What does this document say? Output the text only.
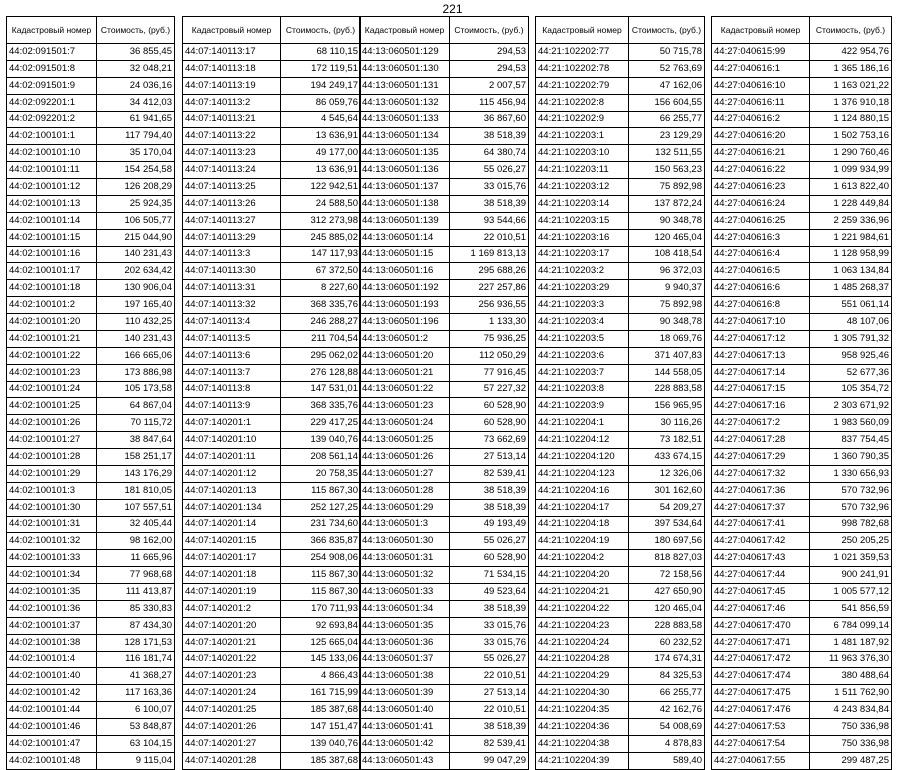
221
Кадастровый номер	Стоимость, (руб.)
44:02:091501:7	36 855,45
44:02:091501:8	32 048,21
44:02:091501:9	24 036,16
44:02:092201:1	34 412,03
44:02:092201:2	61 941,65
44:02:100101:1	117 794,40
44:02:100101:10	35 170,04
44:02:100101:11	154 254,58
44:02:100101:12	126 208,29
44:02:100101:13	25 924,35
44:02:100101:14	106 505,77
44:02:100101:15	215 044,90
44:02:100101:16	140 231,43
44:02:100101:17	202 634,42
44:02:100101:18	130 906,04
44:02:100101:2	197 165,40
44:02:100101:20	110 432,25
44:02:100101:21	140 231,43
44:02:100101:22	166 665,06
44:02:100101:23	173 886,98
44:02:100101:24	105 173,58
44:02:100101:25	64 867,04
44:02:100101:26	70 115,72
44:02:100101:27	38 847,64
44:02:100101:28	158 251,17
44:02:100101:29	143 176,29
44:02:100101:3	181 810,05
44:02:100101:30	107 557,51
44:02:100101:31	32 405,44
44:02:100101:32	98 162,00
44:02:100101:33	11 665,96
44:02:100101:34	77 968,68
44:02:100101:35	111 413,87
44:02:100101:36	85 330,83
44:02:100101:37	87 434,30
44:02:100101:38	128 171,53
44:02:100101:4	116 181,74
44:02:100101:40	41 368,27
44:02:100101:42	117 163,36
44:02:100101:44	6 100,07
44:02:100101:46	53 848,87
44:02:100101:47	63 104,15
44:02:100101:48	9 115,04
Кадастровый номер	Стоимость, (руб.)
44:07:140113:17	68 110,15
44:07:140113:18	172 119,51
44:07:140113:19	194 249,17
44:07:140113:2	86 059,76
44:07:140113:21	4 545,64
44:07:140113:22	13 636,91
44:07:140113:23	49 177,00
44:07:140113:24	13 636,91
44:07:140113:25	122 942,51
44:07:140113:26	24 588,50
44:07:140113:27	312 273,98
44:07:140113:29	245 885,02
44:07:140113:3	147 117,93
44:07:140113:30	67 372,50
44:07:140113:31	8 227,60
44:07:140113:32	368 335,76
44:07:140113:4	246 288,27
44:07:140113:5	211 704,54
44:07:140113:6	295 062,02
44:07:140113:7	276 128,88
44:07:140113:8	147 531,01
44:07:140113:9	368 335,76
44:07:140201:1	229 417,25
44:07:140201:10	139 040,76
44:07:140201:11	208 561,14
44:07:140201:12	20 758,35
44:07:140201:13	115 867,30
44:07:140201:134	252 127,25
44:07:140201:14	231 734,60
44:07:140201:15	366 835,87
44:07:140201:17	254 908,06
44:07:140201:18	115 867,30
44:07:140201:19	115 867,30
44:07:140201:2	170 711,93
44:07:140201:20	92 693,84
44:07:140201:21	125 665,04
44:07:140201:22	145 133,06
44:07:140201:23	4 866,43
44:07:140201:24	161 715,99
44:07:140201:25	185 387,68
44:07:140201:26	147 151,47
44:07:140201:27	139 040,76
44:07:140201:28	185 387,68
Кадастровый номер	Стоимость, (руб.)
44:13:060501:129	294,53
44:13:060501:130	294,53
44:13:060501:131	2 007,57
44:13:060501:132	115 456,94
44:13:060501:133	36 867,60
44:13:060501:134	38 518,39
44:13:060501:135	64 380,74
44:13:060501:136	55 026,27
44:13:060501:137	33 015,76
44:13:060501:138	38 518,39
44:13:060501:139	93 544,66
44:13:060501:14	22 010,51
44:13:060501:15	1 169 813,13
44:13:060501:16	295 688,26
44:13:060501:192	227 257,86
44:13:060501:193	256 936,55
44:13:060501:196	1 133,30
44:13:060501:2	75 936,25
44:13:060501:20	112 050,29
44:13:060501:21	77 916,45
44:13:060501:22	57 227,32
44:13:060501:23	60 528,90
44:13:060501:24	60 528,90
44:13:060501:25	73 662,69
44:13:060501:26	27 513,14
44:13:060501:27	82 539,41
44:13:060501:28	38 518,39
44:13:060501:29	38 518,39
44:13:060501:3	49 193,49
44:13:060501:30	55 026,27
44:13:060501:31	60 528,90
44:13:060501:32	71 534,15
44:13:060501:33	49 523,64
44:13:060501:34	38 518,39
44:13:060501:35	33 015,76
44:13:060501:36	33 015,76
44:13:060501:37	55 026,27
44:13:060501:38	22 010,51
44:13:060501:39	27 513,14
44:13:060501:40	22 010,51
44:13:060501:41	38 518,39
44:13:060501:42	82 539,41
44:13:060501:43	99 047,29
Кадастровый номер	Стоимость, (руб.)
44:21:102202:77	50 715,78
44:21:102202:78	52 763,69
44:21:102202:79	47 162,06
44:21:102202:8	156 604,55
44:21:102202:9	66 255,77
44:21:102203:1	23 129,29
44:21:102203:10	132 511,55
44:21:102203:11	150 563,23
44:21:102203:12	75 892,98
44:21:102203:14	137 872,24
44:21:102203:15	90 348,78
44:21:102203:16	120 465,04
44:21:102203:17	108 418,54
44:21:102203:2	96 372,03
44:21:102203:29	9 940,37
44:21:102203:3	75 892,98
44:21:102203:4	90 348,78
44:21:102203:5	18 069,76
44:21:102203:6	371 407,83
44:21:102203:7	144 558,05
44:21:102203:8	228 883,58
44:21:102203:9	156 965,95
44:21:102204:1	30 116,26
44:21:102204:12	73 182,51
44:21:102204:120	433 674,15
44:21:102204:123	12 326,06
44:21:102204:16	301 162,60
44:21:102204:17	54 209,27
44:21:102204:18	397 534,64
44:21:102204:19	180 697,56
44:21:102204:2	818 827,03
44:21:102204:20	72 158,56
44:21:102204:21	427 650,90
44:21:102204:22	120 465,04
44:21:102204:23	228 883,58
44:21:102204:24	60 232,52
44:21:102204:28	174 674,31
44:21:102204:29	84 325,53
44:21:102204:30	66 255,77
44:21:102204:35	42 162,76
44:21:102204:36	54 008,69
44:21:102204:38	4 878,83
44:21:102204:39	589,40
Кадастровый номер	Стоимость, (руб.)
44:27:040615:99	422 954,76
44:27:040616:1	1 365 186,16
44:27:040616:10	1 163 021,22
44:27:040616:11	1 376 910,18
44:27:040616:2	1 124 880,15
44:27:040616:20	1 502 753,16
44:27:040616:21	1 290 760,46
44:27:040616:22	1 099 934,99
44:27:040616:23	1 613 822,40
44:27:040616:24	1 228 449,84
44:27:040616:25	2 259 336,96
44:27:040616:3	1 221 984,61
44:27:040616:4	1 128 958,99
44:27:040616:5	1 063 134,84
44:27:040616:6	1 485 268,37
44:27:040616:8	551 061,14
44:27:040617:10	48 107,06
44:27:040617:12	1 305 791,32
44:27:040617:13	958 925,46
44:27:040617:14	52 677,36
44:27:040617:15	105 354,72
44:27:040617:16	2 303 671,92
44:27:040617:2	1 983 560,09
44:27:040617:28	837 754,45
44:27:040617:29	1 360 790,35
44:27:040617:32	1 330 656,93
44:27:040617:36	570 732,96
44:27:040617:37	570 732,96
44:27:040617:41	998 782,68
44:27:040617:42	250 205,25
44:27:040617:43	1 021 359,53
44:27:040617:44	900 241,91
44:27:040617:45	1 005 577,12
44:27:040617:46	541 856,59
44:27:040617:470	6 784 099,14
44:27:040617:471	1 481 187,92
44:27:040617:472	11 963 376,30
44:27:040617:474	380 488,64
44:27:040617:475	1 511 762,90
44:27:040617:476	4 243 834,84
44:27:040617:53	750 336,98
44:27:040617:54	750 336,98
44:27:040617:55	299 487,25
